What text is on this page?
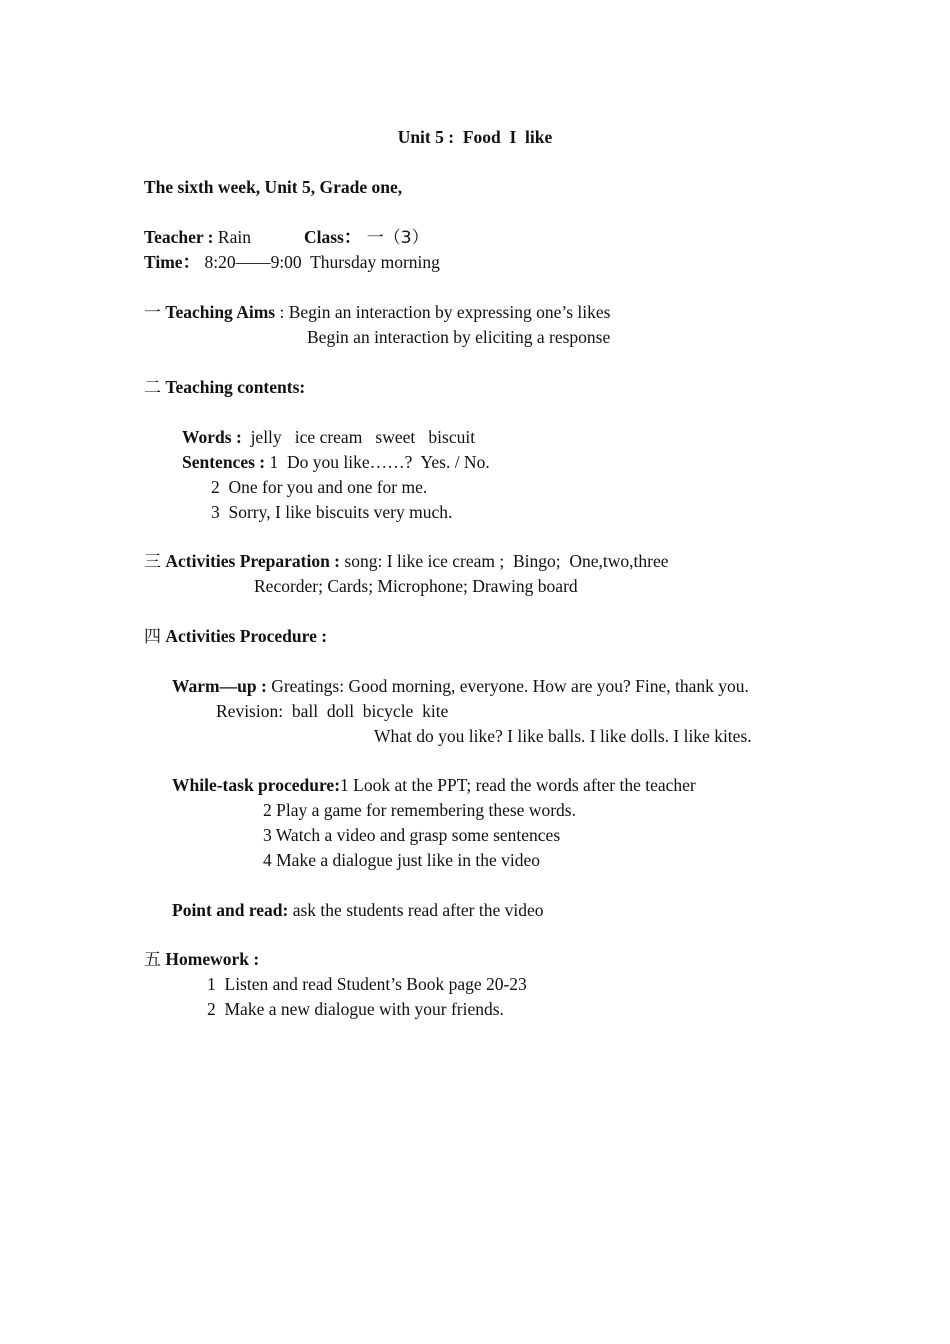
Unit 5 :  Food  I  like
The sixth week, Unit 5, Grade one,
Teacher : Rain	Class： 一（3）
Time： 8:20——9:00  Thursday morning
一 Teaching Aims : Begin an interaction by expressing one’s likes
Begin an interaction by eliciting a response
二 Teaching contents:
Words :  jelly   ice cream   sweet   biscuit
Sentences : 1  Do you like……?  Yes. / No.
2  One for you and one for me.
3  Sorry, I like biscuits very much.
三 Activities Preparation : song: I like ice cream ;  Bingo;  One,two,three
Recorder; Cards; Microphone; Drawing board
四 Activities Procedure :
Warm—up : Greatings: Good morning, everyone. How are you? Fine, thank you.
Revision:  ball  doll  bicycle  kite
What do you like? I like balls. I like dolls. I like kites.
While-task procedure:1 Look at the PPT; read the words after the teacher
2 Play a game for remembering these words.
3 Watch a video and grasp some sentences
4 Make a dialogue just like in the video
Point and read: ask the students read after the video
五 Homework :
1  Listen and read Student’s Book page 20-23
2  Make a new dialogue with your friends.
